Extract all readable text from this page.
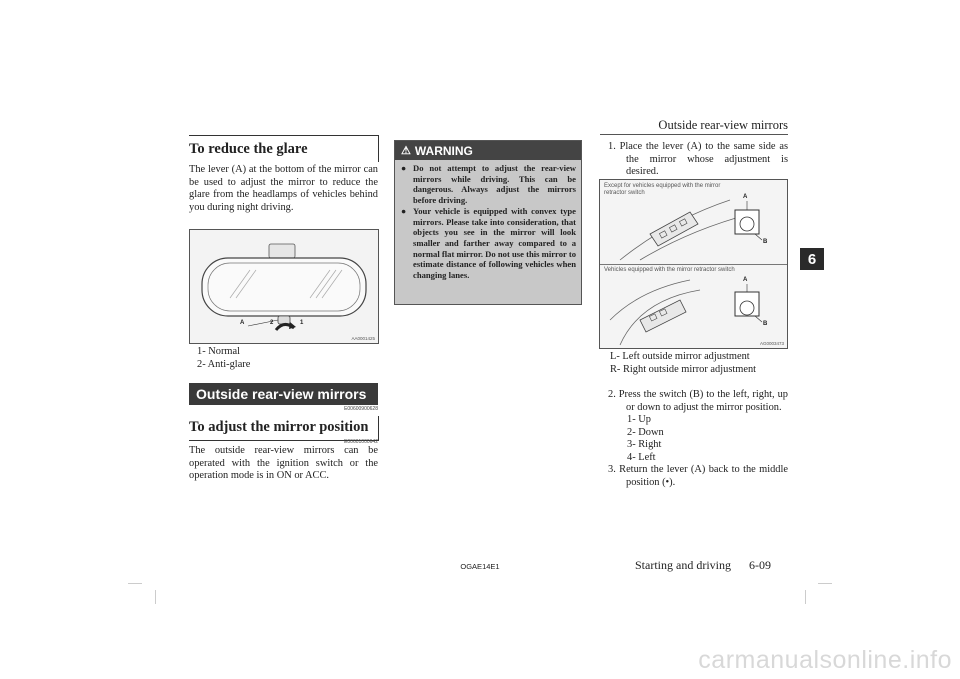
Outside rear-view mirrors
6
To reduce the glare
The lever (A) at the bottom of the mirror can be used to adjust the mirror to reduce the glare from the headlamps of vehicles behind you during night driving.
A	2	1
AA0001425
1- Normal
2- Anti-glare
Outside rear-view mirrors
E00600900628
To adjust the mirror position
E00601000642
The outside rear-view mirrors can be operated with the ignition switch or the operation mode is in ON or ACC.
⚠ WARNING
● Do not attempt to adjust the rear-view mirrors while driving. This can be dangerous. Always adjust the mirrors before driving.
● Your vehicle is equipped with convex type mirrors. Please take into consideration, that objects you see in the mirror will look smaller and farther away compared to a normal flat mirror. Do not use this mirror to estimate distance of following vehicles when changing lanes.
1. Place the lever (A) to the same side as the mirror whose adjustment is desired.
Except for vehicles equipped with the mirror retractor switch
Vehicles equipped with the mirror retractor switch
A
B
A
B
AG0003473
L- Left outside mirror adjustment
R- Right outside mirror adjustment
2. Press the switch (B) to the left, right, up or down to adjust the mirror position.
1- Up
2- Down
3- Right
4- Left
3. Return the lever (A) back to the middle position (•).
OGAE14E1	Starting and driving 6-09
carmanualsonline.info
